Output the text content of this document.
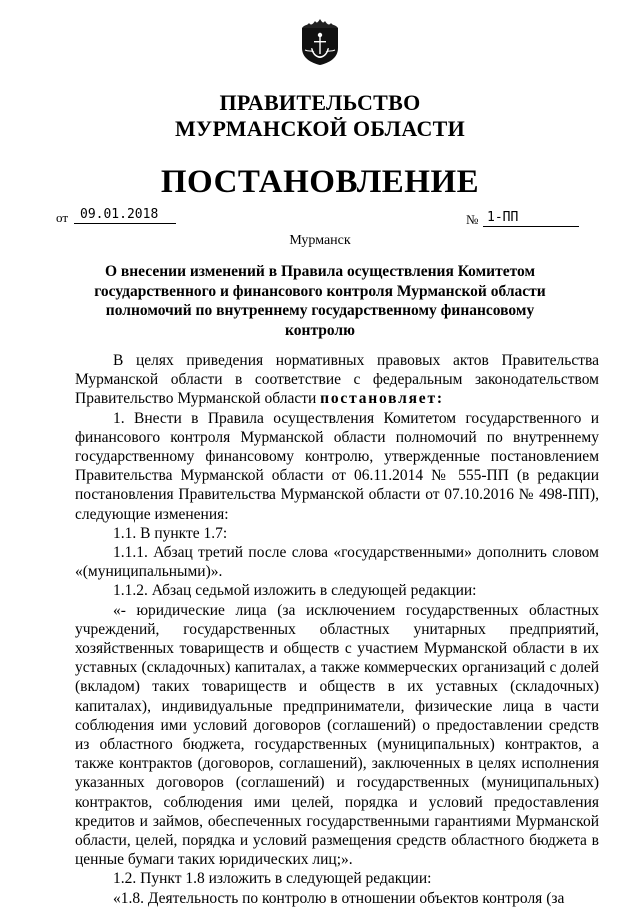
ПРАВИТЕЛЬСТВО
МУРМАНСКОЙ ОБЛАСТИ
ПОСТАНОВЛЕНИЕ
от 09.01.2018	№ 1-ПП
Мурманск
О внесении изменений в Правила осуществления Комитетом государственного и финансового контроля Мурманской области полномочий по внутреннему государственному финансовому контролю

В целях приведения нормативных правовых актов Правительства Мурманской области в соответствие с федеральным законодательством Правительство Мурманской области постановляет:

1. Внести в Правила осуществления Комитетом государственного и финансового контроля Мурманской области полномочий по внутреннему государственному финансовому контролю, утвержденные постановлением Правительства Мурманской области от 06.11.2014 № 555-ПП (в редакции постановления Правительства Мурманской области от 07.10.2016 № 498-ПП), следующие изменения:

1.1. В пункте 1.7:

1.1.1. Абзац третий после слова «государственными» дополнить словом «(муниципальными)».

1.1.2. Абзац седьмой изложить в следующей редакции:

«- юридические лица (за исключением государственных областных учреждений, государственных областных унитарных предприятий, хозяйственных товариществ и обществ с участием Мурманской области в их уставных (складочных) капиталах, а также коммерческих организаций с долей (вкладом) таких товариществ и обществ в их уставных (складочных) капиталах), индивидуальные предприниматели, физические лица в части соблюдения ими условий договоров (соглашений) о предоставлении средств из областного бюджета, государственных (муниципальных) контрактов, а также контрактов (договоров, соглашений), заключенных в целях исполнения указанных договоров (соглашений) и государственных (муниципальных) контрактов, соблюдения ими целей, порядка и условий предоставления кредитов и займов, обеспеченных государственными гарантиями Мурманской области, целей, порядка и условий размещения средств областного бюджета в ценные бумаги таких юридических лиц;».

1.2. Пункт 1.8 изложить в следующей редакции:

«1.8. Деятельность по контролю в отношении объектов контроля (за
